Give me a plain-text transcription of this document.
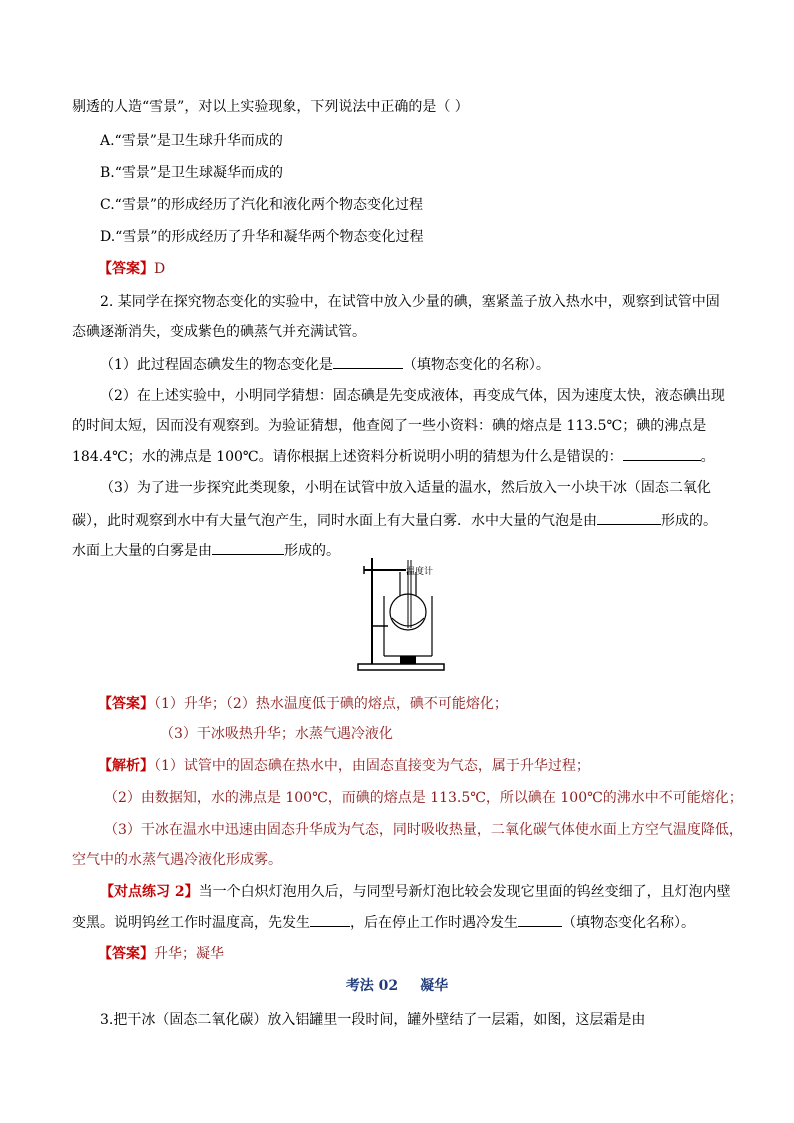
剔透的人造“雪景”，对以上实验现象，下列说法中正确的是（ ）
A.“雪景”是卫生球升华而成的
B.“雪景”是卫生球凝华而成的
C.“雪景”的形成经历了汽化和液化两个物态变化过程
D.“雪景”的形成经历了升华和凝华两个物态变化过程
【答案】D
2. 某同学在探究物态变化的实验中，在试管中放入少量的碘，塞紧盖子放入热水中，观察到试管中固
态碘逐渐消失，变成紫色的碘蒸气并充满试管。
（1）此过程固态碘发生的物态变化是	（填物态变化的名称）。
（2）在上述实验中，小明同学猜想：固态碘是先变成液体，再变成气体，因为速度太快，液态碘出现
的时间太短，因而没有观察到。为验证猜想，他查阅了一些小资料：碘的熔点是 113.5℃；碘的沸点是
184.4℃；水的沸点是 100℃。请你根据上述资料分析说明小明的猜想为什么是错误的：	。
（3）为了进一步探究此类现象，小明在试管中放入适量的温水，然后放入一小块干冰（固态二氧化
碳），此时观察到水中有大量气泡产生，同时水面上有大量白雾．水中大量的气泡是由	形成的。
水面上大量的白雾是由	形成的。
温度计
【答案】（1）升华；（2）热水温度低于碘的熔点，碘不可能熔化；
（3）干冰吸热升华；水蒸气遇冷液化
【解析】（1）试管中的固态碘在热水中，由固态直接变为气态，属于升华过程；
（2）由数据知，水的沸点是 100℃，而碘的熔点是 113.5℃，所以碘在 100℃的沸水中不可能熔化；
（3）干冰在温水中迅速由固态升华成为气态，同时吸收热量，二氧化碳气体使水面上方空气温度降低，
空气中的水蒸气遇冷液化形成雾。
【对点练习 2】当一个白炽灯泡用久后，与同型号新灯泡比较会发现它里面的钨丝变细了，且灯泡内壁
变黑。说明钨丝工作时温度高，先发生	，后在停止工作时遇冷发生	（填物态变化名称）。
【答案】升华；凝华
考法 02 凝华
3.把干冰（固态二氧化碳）放入铝罐里一段时间，罐外壁结了一层霜，如图，这层霜是由
